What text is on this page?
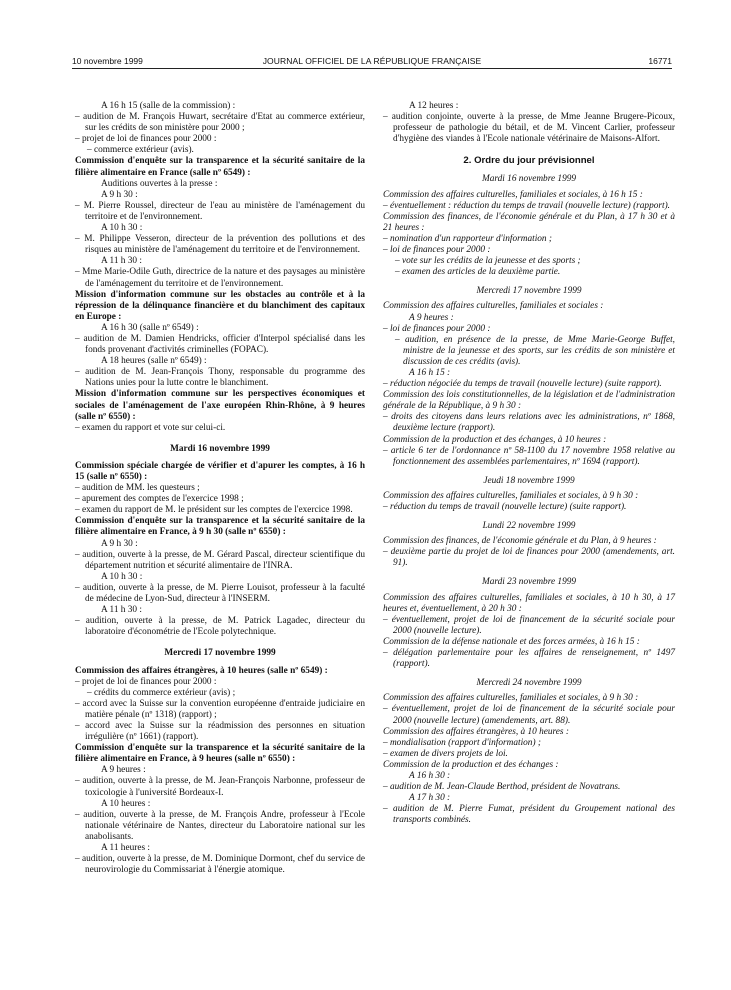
10 novembre 1999	JOURNAL OFFICIEL DE LA RÉPUBLIQUE FRANÇAISE	16771

A 16 h 15 (salle de la commission) :

– audition de M. François Huwart, secrétaire d'Etat au commerce extérieur, sur les crédits de son ministère pour 2000 ;

– projet de loi de finances pour 2000 :

– commerce extérieur (avis).

Commission d'enquête sur la transparence et la sécurité sanitaire de la filière alimentaire en France (salle nº 6549) :

Auditions ouvertes à la presse :

A 9 h 30 :

– M. Pierre Roussel, directeur de l'eau au ministère de l'aménagement du territoire et de l'environnement.

A 10 h 30 :

– M. Philippe Vesseron, directeur de la prévention des pollutions et des risques au ministère de l'aménagement du territoire et de l'environnement.

A 11 h 30 :

– Mme Marie-Odile Guth, directrice de la nature et des paysages au ministère de l'aménagement du territoire et de l'environnement.

Mission d'information commune sur les obstacles au contrôle et à la répression de la délinquance financière et du blanchiment des capitaux en Europe :

A 16 h 30 (salle nº 6549) :

– audition de M. Damien Hendricks, officier d'Interpol spécialisé dans les fonds provenant d'activités criminelles (FOPAC).

A 18 heures (salle nº 6549) :

– audition de M. Jean-François Thony, responsable du programme des Nations unies pour la lutte contre le blanchiment.

Mission d'information commune sur les perspectives économiques et sociales de l'aménagement de l'axe européen Rhin-Rhône, à 9 heures (salle nº 6550) :

– examen du rapport et vote sur celui-ci.

Mardi 16 novembre 1999

Commission spéciale chargée de vérifier et d'apurer les comptes, à 16 h 15 (salle nº 6550) :

– audition de MM. les questeurs ;

– apurement des comptes de l'exercice 1998 ;

– examen du rapport de M. le président sur les comptes de l'exercice 1998.

Commission d'enquête sur la transparence et la sécurité sanitaire de la filière alimentaire en France, à 9 h 30 (salle nº 6550) :

A 9 h 30 :

– audition, ouverte à la presse, de M. Gérard Pascal, directeur scientifique du département nutrition et sécurité alimentaire de l'INRA.

A 10 h 30 :

– audition, ouverte à la presse, de M. Pierre Louisot, professeur à la faculté de médecine de Lyon-Sud, directeur à l'INSERM.

A 11 h 30 :

– audition, ouverte à la presse, de M. Patrick Lagadec, directeur du laboratoire d'économétrie de l'Ecole polytechnique.

Mercredi 17 novembre 1999

Commission des affaires étrangères, à 10 heures (salle nº 6549) :

– projet de loi de finances pour 2000 :

– crédits du commerce extérieur (avis) ;

– accord avec la Suisse sur la convention européenne d'entraide judiciaire en matière pénale (nº 1318) (rapport) ;

– accord avec la Suisse sur la réadmission des personnes en situation irrégulière (nº 1661) (rapport).

Commission d'enquête sur la transparence et la sécurité sanitaire de la filière alimentaire en France, à 9 heures (salle nº 6550) :

A 9 heures :

– audition, ouverte à la presse, de M. Jean-François Narbonne, professeur de toxicologie à l'université Bordeaux-I.

A 10 heures :

– audition, ouverte à la presse, de M. François Andre, professeur à l'Ecole nationale vétérinaire de Nantes, directeur du Laboratoire national sur les anabolisants.

A 11 heures :

– audition, ouverte à la presse, de M. Dominique Dormont, chef du service de neurovirologie du Commissariat à l'énergie atomique.

A 12 heures :

– audition conjointe, ouverte à la presse, de Mme Jeanne Brugere-Picoux, professeur de pathologie du bétail, et de M. Vincent Carlier, professeur d'hygiène des viandes à l'Ecole nationale vétérinaire de Maisons-Alfort.

2. Ordre du jour prévisionnel

Mardi 16 novembre 1999

Commission des affaires culturelles, familiales et sociales, à 16 h 15 :

– éventuellement : réduction du temps de travail (nouvelle lecture) (rapport).

Commission des finances, de l'économie générale et du Plan, à 17 h 30 et à 21 heures :

– nomination d'un rapporteur d'information ;

– loi de finances pour 2000 :

– vote sur les crédits de la jeunesse et des sports ;

– examen des articles de la deuxième partie.

Mercredi 17 novembre 1999

Commission des affaires culturelles, familiales et sociales :

A 9 heures :

– loi de finances pour 2000 :

– audition, en présence de la presse, de Mme Marie-George Buffet, ministre de la jeunesse et des sports, sur les crédits de son ministère et discussion de ces crédits (avis).

A 16 h 15 :

– réduction négociée du temps de travail (nouvelle lecture) (suite rapport).

Commission des lois constitutionnelles, de la législation et de l'administration générale de la République, à 9 h 30 :

– droits des citoyens dans leurs relations avec les administrations, nº 1868, deuxième lecture (rapport).

Commission de la production et des échanges, à 10 heures :

– article 6 ter de l'ordonnance nº 58-1100 du 17 novembre 1958 relative au fonctionnement des assemblées parlementaires, nº 1694 (rapport).

Jeudi 18 novembre 1999

Commission des affaires culturelles, familiales et sociales, à 9 h 30 :

– réduction du temps de travail (nouvelle lecture) (suite rapport).

Lundi 22 novembre 1999

Commission des finances, de l'économie générale et du Plan, à 9 heures :

– deuxième partie du projet de loi de finances pour 2000 (amendements, art. 91).

Mardi 23 novembre 1999

Commission des affaires culturelles, familiales et sociales, à 10 h 30, à 17 heures et, éventuellement, à 20 h 30 :

– éventuellement, projet de loi de financement de la sécurité sociale pour 2000 (nouvelle lecture).

Commission de la défense nationale et des forces armées, à 16 h 15 :

– délégation parlementaire pour les affaires de renseignement, nº 1497 (rapport).

Mercredi 24 novembre 1999

Commission des affaires culturelles, familiales et sociales, à 9 h 30 :

– éventuellement, projet de loi de financement de la sécurité sociale pour 2000 (nouvelle lecture) (amendements, art. 88).

Commission des affaires étrangères, à 10 heures :

– mondialisation (rapport d'information) ;

– examen de divers projets de loi.

Commission de la production et des échanges :

A 16 h 30 :

– audition de M. Jean-Claude Berthod, président de Novatrans.

A 17 h 30 :

– audition de M. Pierre Fumat, président du Groupement national des transports combinés.
